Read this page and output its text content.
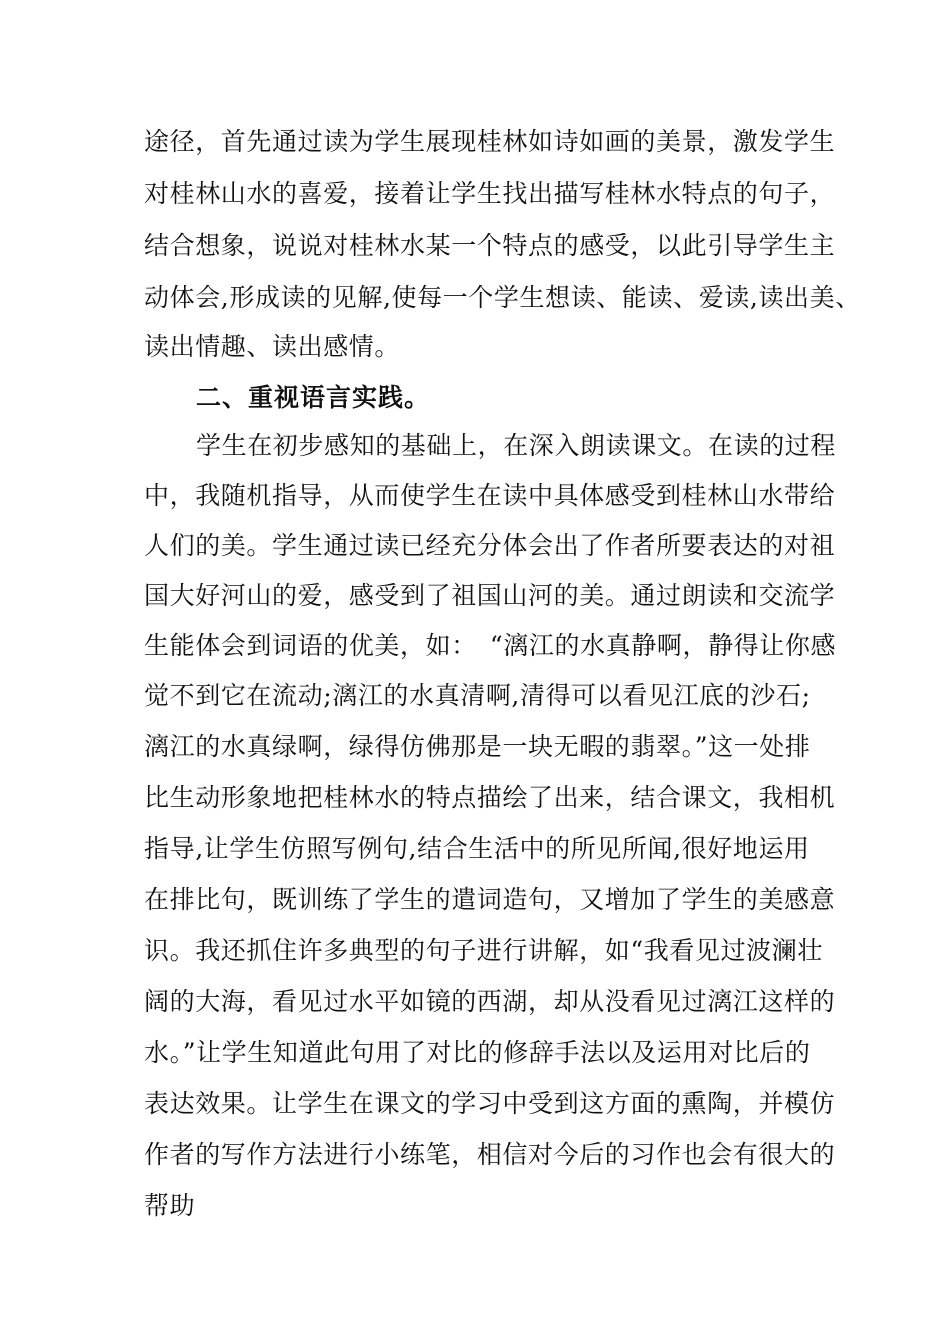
途径，首先通过读为学生展现桂林如诗如画的美景，激发学生
对桂林山水的喜爱，接着让学生找出描写桂林水特点的句子，
结合想象，说说对桂林水某一个特点的感受，以此引导学生主
动体会,形成读的见解,使每一个学生想读、能读、爱读,读出美、
读出情趣、读出感情。
二、重视语言实践。
学生在初步感知的基础上，在深入朗读课文。在读的过程
中，我随机指导，从而使学生在读中具体感受到桂林山水带给
人们的美。学生通过读已经充分体会出了作者所要表达的对祖
国大好河山的爱，感受到了祖国山河的美。通过朗读和交流学
生能体会到词语的优美，如：　“漓江的水真静啊，静得让你感
觉不到它在流动;漓江的水真清啊,清得可以看见江底的沙石;
漓江的水真绿啊，绿得仿佛那是一块无暇的翡翠。”这一处排
比生动形象地把桂林水的特点描绘了出来，结合课文，我相机
指导,让学生仿照写例句,结合生活中的所见所闻,很好地运用
在排比句，既训练了学生的遣词造句，又增加了学生的美感意
识。我还抓住许多典型的句子进行讲解，如“我看见过波澜壮
阔的大海，看见过水平如镜的西湖，却从没看见过漓江这样的
水。”让学生知道此句用了对比的修辞手法以及运用对比后的
表达效果。让学生在课文的学习中受到这方面的熏陶，并模仿
作者的写作方法进行小练笔，相信对今后的习作也会有很大的
帮助
